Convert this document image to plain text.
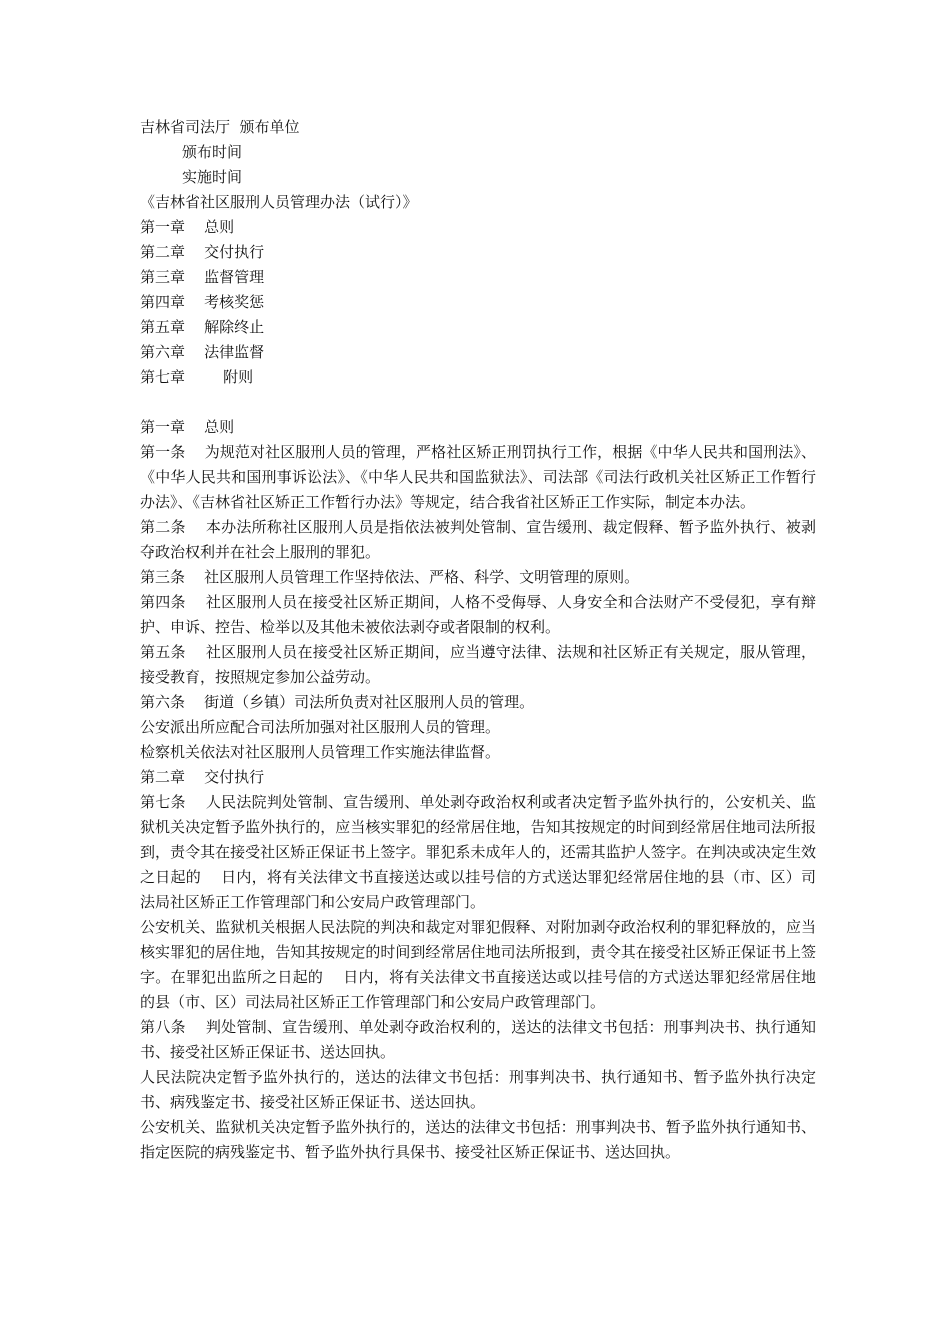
吉林省司法厅  颁布单位
颁布时间
实施时间
《吉林省社区服刑人员管理办法（试行）》
第一章    总则
第二章    交付执行
第三章    监督管理
第四章    考核奖惩
第五章    解除终止
第六章    法律监督
第七章        附则
第一章    总则
第一条    为规范对社区服刑人员的管理，严格社区矫正刑罚执行工作，根据《中华人民共和国刑法》、《中华人民共和国刑事诉讼法》、《中华人民共和国监狱法》、司法部《司法行政机关社区矫正工作暂行办法》、《吉林省社区矫正工作暂行办法》等规定，结合我省社区矫正工作实际，制定本办法。
第二条    本办法所称社区服刑人员是指依法被判处管制、宣告缓刑、裁定假释、暂予监外执行、被剥夺政治权利并在社会上服刑的罪犯。
第三条    社区服刑人员管理工作坚持依法、严格、科学、文明管理的原则。
第四条    社区服刑人员在接受社区矫正期间，人格不受侮辱、人身安全和合法财产不受侵犯，享有辩护、申诉、控告、检举以及其他未被依法剥夺或者限制的权利。
第五条    社区服刑人员在接受社区矫正期间，应当遵守法律、法规和社区矫正有关规定，服从管理，接受教育，按照规定参加公益劳动。
第六条    街道（乡镇）司法所负责对社区服刑人员的管理。
公安派出所应配合司法所加强对社区服刑人员的管理。
检察机关依法对社区服刑人员管理工作实施法律监督。
第二章    交付执行
第七条    人民法院判处管制、宣告缓刑、单处剥夺政治权利或者决定暂予监外执行的，公安机关、监狱机关决定暂予监外执行的，应当核实罪犯的经常居住地，告知其按规定的时间到经常居住地司法所报到，责令其在接受社区矫正保证书上签字。罪犯系未成年人的，还需其监护人签字。在判决或决定生效之日起的    日内，将有关法律文书直接送达或以挂号信的方式送达罪犯经常居住地的县（市、区）司法局社区矫正工作管理部门和公安局户政管理部门。
公安机关、监狱机关根据人民法院的判决和裁定对罪犯假释、对附加剥夺政治权利的罪犯释放的，应当核实罪犯的居住地，告知其按规定的时间到经常居住地司法所报到，责令其在接受社区矫正保证书上签字。在罪犯出监所之日起的    日内，将有关法律文书直接送达或以挂号信的方式送达罪犯经常居住地的县（市、区）司法局社区矫正工作管理部门和公安局户政管理部门。
第八条    判处管制、宣告缓刑、单处剥夺政治权利的，送达的法律文书包括：刑事判决书、执行通知书、接受社区矫正保证书、送达回执。
人民法院决定暂予监外执行的，送达的法律文书包括：刑事判决书、执行通知书、暂予监外执行决定书、病残鉴定书、接受社区矫正保证书、送达回执。
公安机关、监狱机关决定暂予监外执行的，送达的法律文书包括：刑事判决书、暂予监外执行通知书、指定医院的病残鉴定书、暂予监外执行具保书、接受社区矫正保证书、送达回执。
